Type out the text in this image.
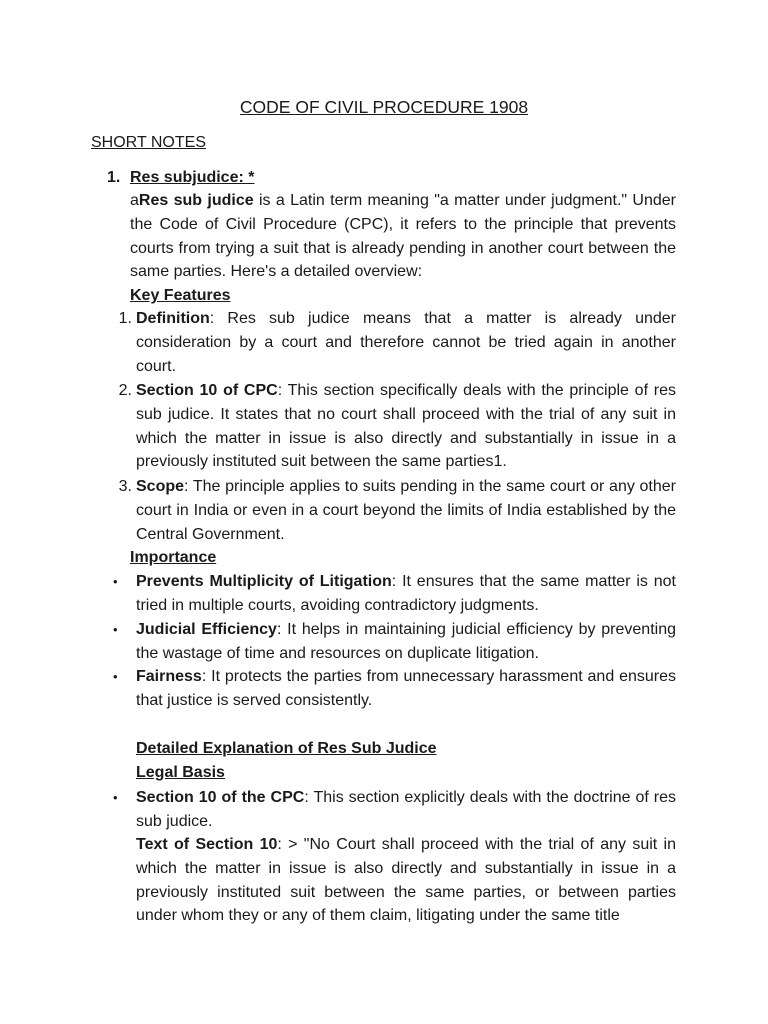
CODE OF CIVIL PROCEDURE 1908
SHORT NOTES
1. Res subjudice: *
aRes sub judice is a Latin term meaning "a matter under judgment." Under the Code of Civil Procedure (CPC), it refers to the principle that prevents courts from trying a suit that is already pending in another court between the same parties. Here's a detailed overview:
Key Features
1. Definition: Res sub judice means that a matter is already under consideration by a court and therefore cannot be tried again in another court.
2. Section 10 of CPC: This section specifically deals with the principle of res sub judice. It states that no court shall proceed with the trial of any suit in which the matter in issue is also directly and substantially in issue in a previously instituted suit between the same parties1.
3. Scope: The principle applies to suits pending in the same court or any other court in India or even in a court beyond the limits of India established by the Central Government.
Importance
• Prevents Multiplicity of Litigation: It ensures that the same matter is not tried in multiple courts, avoiding contradictory judgments.
• Judicial Efficiency: It helps in maintaining judicial efficiency by preventing the wastage of time and resources on duplicate litigation.
• Fairness: It protects the parties from unnecessary harassment and ensures that justice is served consistently.
Detailed Explanation of Res Sub Judice
Legal Basis
• Section 10 of the CPC: This section explicitly deals with the doctrine of res sub judice.
Text of Section 10: > "No Court shall proceed with the trial of any suit in which the matter in issue is also directly and substantially in issue in a previously instituted suit between the same parties, or between parties under whom they or any of them claim, litigating under the same title
